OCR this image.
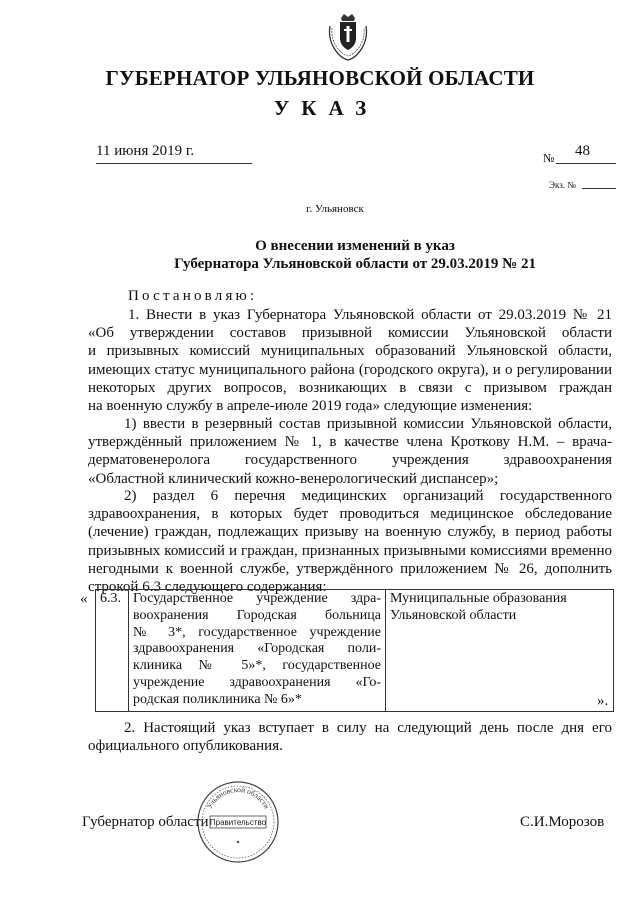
ГУБЕРНАТОР УЛЬЯНОВСКОЙ ОБЛАСТИ
УКАЗ
11 июня 2019 г.	№ 48
Экз. №
г. Ульяновск
О внесении изменений в указ
Губернатора Ульяновской области от 29.03.2019 № 21
Постановляю:
1. Внести в указ Губернатора Ульяновской области от 29.03.2019 № 21
«Об утверждении составов призывной комиссии Ульяновской области
и призывных комиссий муниципальных образований Ульяновской области,
имеющих статус муниципального района (городского округа), и о регулировании
некоторых других вопросов, возникающих в связи с призывом граждан
на военную службу в апреле-июле 2019 года» следующие изменения:
1) ввести в резервный состав призывной комиссии Ульяновской области,
утверждённый приложением № 1, в качестве члена Кроткову Н.М. – врача-
дерматовенеролога государственного учреждения здравоохранения
«Областной клинический кожно-венерологический диспансер»;
2) раздел 6 перечня медицинских организаций государственного
здравоохранения, в которых будет проводиться медицинское обследование
(лечение) граждан, подлежащих призыву на военную службу, в период работы
призывных комиссий и граждан, признанных призывными комиссиями временно
негодными к военной службе, утверждённого приложением № 26, дополнить
строкой 6.3 следующего содержания:
« 6.3.	Государственное учреждение здра-
воохранения Городская больница
№ 3*, государственное учреждение
здравоохранения «Городская поли-
клиника № 5»*, государственное
учреждение здравоохранения «Го-
родская поликлиника № 6»*
	Муниципальные образования Ульяновской области
».
2. Настоящий указ вступает в силу на следующий день после дня его
официального опубликования.
Губернатор области	С.И.Морозов
Ульяновской области
Правительство
